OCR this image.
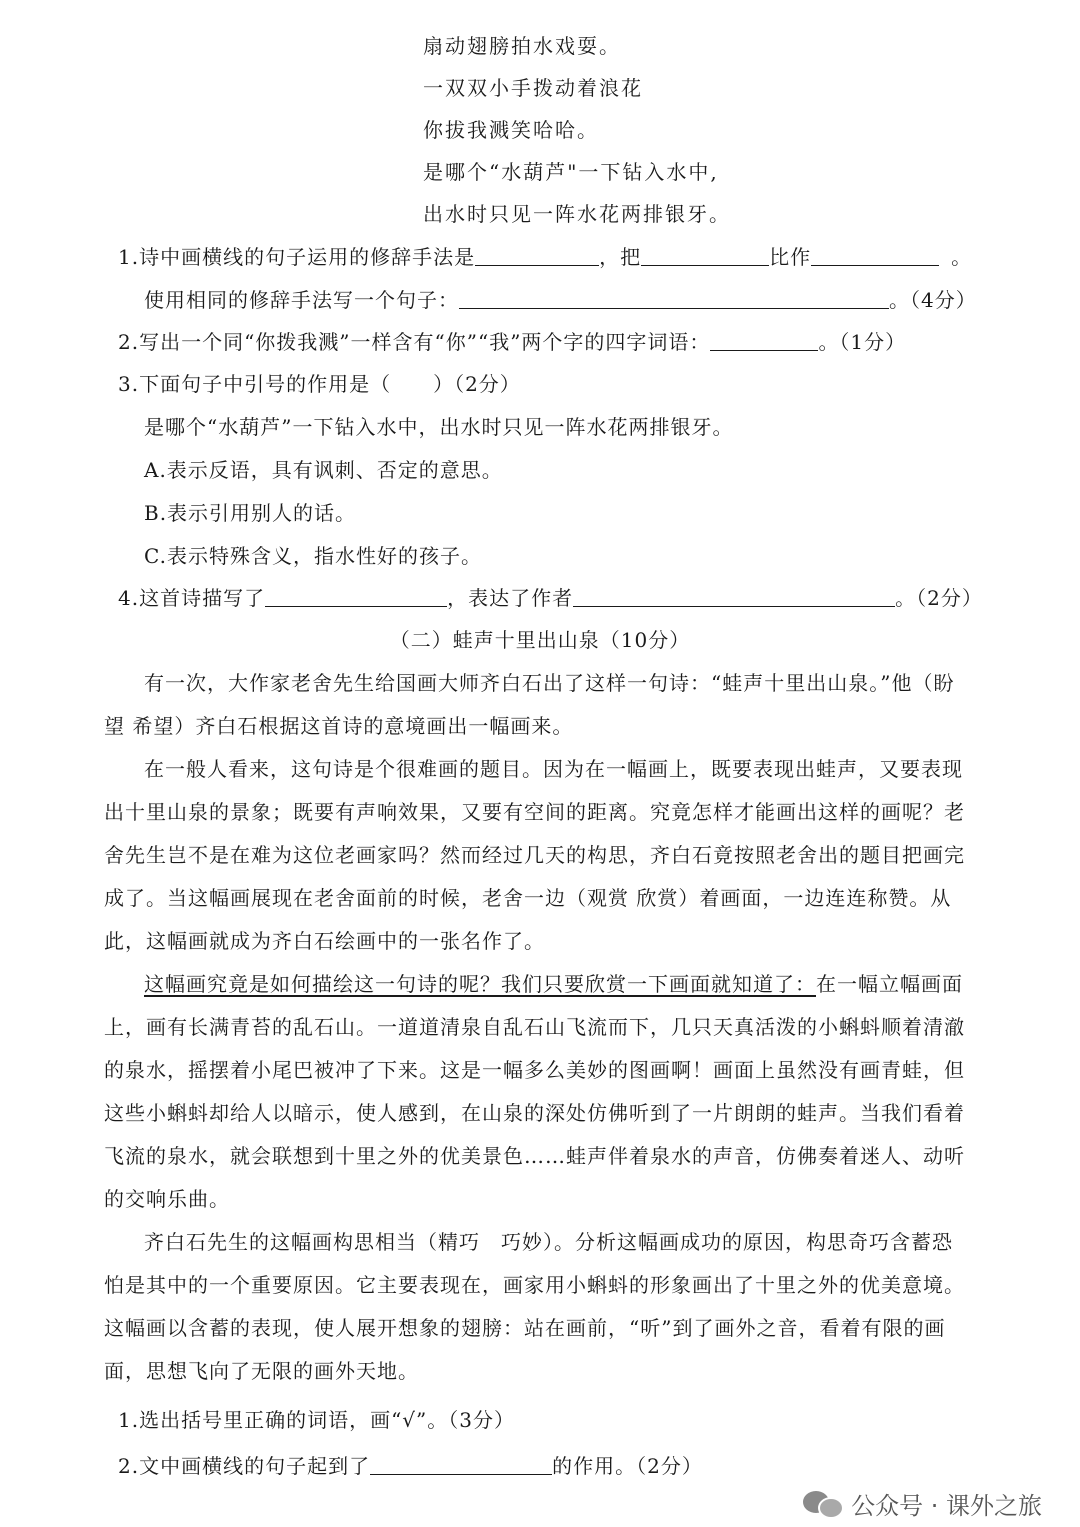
扇动翅膀拍水戏耍。
一双双小手拨动着浪花
你拔我溅笑哈哈。
是哪个“水葫芦"一下钻入水中,
出水时只见一阵水花两排银牙。
1.诗中画横线的句子运用的修辞手法是	，把	比作	。
使用相同的修辞手法写一个句子：	。（4分）
2.写出一个同“你拨我溅”一样含有“你”“我”两个字的四字词语：	。（1分）
3.下面句子中引号的作用是（　　）（2分）
是哪个“水葫芦”一下钻入水中，出水时只见一阵水花两排银牙。
A.表示反语，具有讽刺、否定的意思。
B.表示引用别人的话。
C.表示特殊含义，指水性好的孩子。
4.这首诗描写了	，表达了作者	。（2分）
（二）蛙声十里出山泉（10分）
有一次，大作家老舍先生给国画大师齐白石出了这样一句诗：“蛙声十里出山泉。”他（盼
望 希望）齐白石根据这首诗的意境画出一幅画来。
在一般人看来，这句诗是个很难画的题目。因为在一幅画上，既要表现出蛙声，又要表现
出十里山泉的景象；既要有声响效果，又要有空间的距离。究竟怎样才能画出这样的画呢？老
舍先生岂不是在难为这位老画家吗？然而经过几天的构思，齐白石竟按照老舍出的题目把画完
成了。当这幅画展现在老舍面前的时候，老舍一边（观赏 欣赏）着画面，一边连连称赞。从
此，这幅画就成为齐白石绘画中的一张名作了。
这幅画究竟是如何描绘这一句诗的呢？我们只要欣赏一下画面就知道了：在一幅立幅画面
上，画有长满青苔的乱石山。一道道清泉自乱石山飞流而下，几只天真活泼的小蝌蚪顺着清澈
的泉水，摇摆着小尾巴被冲了下来。这是一幅多么美妙的图画啊！画面上虽然没有画青蛙，但
这些小蝌蚪却给人以暗示，使人感到，在山泉的深处仿佛听到了一片朗朗的蛙声。当我们看着
飞流的泉水，就会联想到十里之外的优美景色……蛙声伴着泉水的声音，仿佛奏着迷人、动听
的交响乐曲。
齐白石先生的这幅画构思相当（精巧　巧妙）。分析这幅画成功的原因，构思奇巧含蓄恐
怕是其中的一个重要原因。它主要表现在，画家用小蝌蚪的形象画出了十里之外的优美意境。
这幅画以含蓄的表现，使人展开想象的翅膀：站在画前，“听”到了画外之音，看着有限的画
面，思想飞向了无限的画外天地。
1.选出括号里正确的词语，画“√”。（3分）
2.文中画横线的句子起到了	的作用。（2分）
公众号 · 课外之旅
